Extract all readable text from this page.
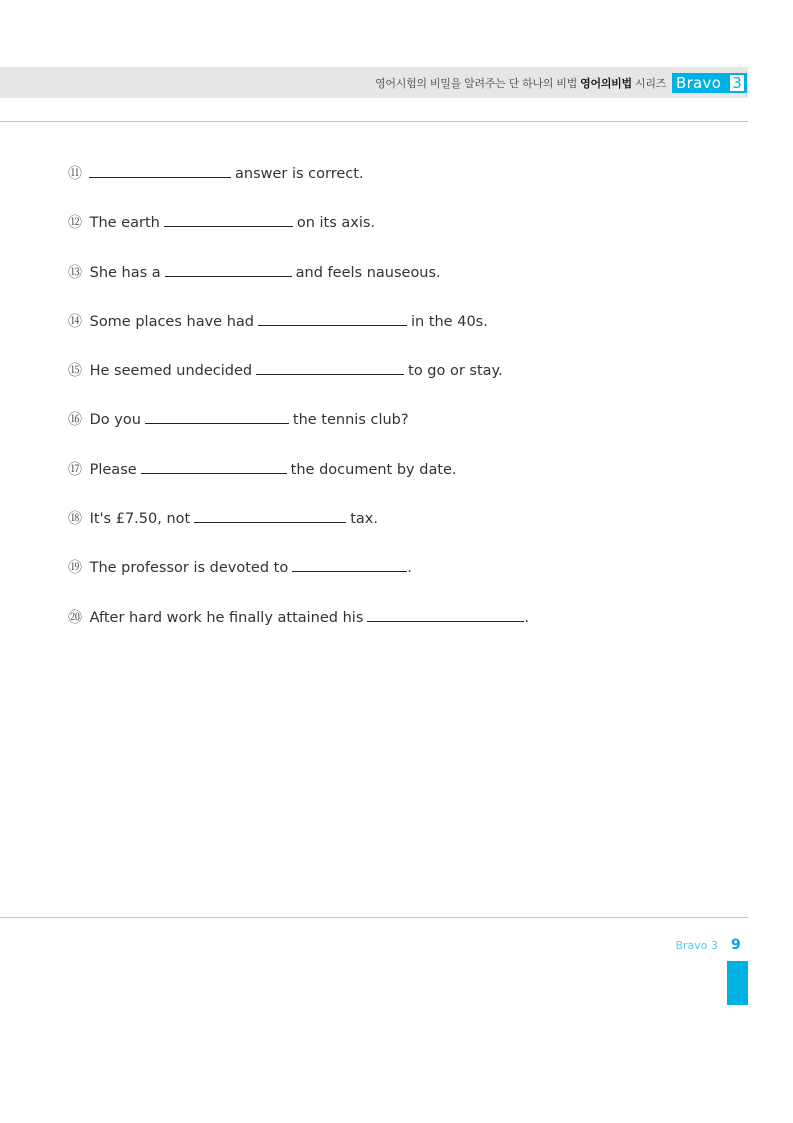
영어시험의 비밀을 알려주는 단 하나의 비법 영어의비법 시리즈 Bravo 3
⑪	answer is correct.
⑫ The earth	on its axis.
⑬ She has a	and feels nauseous.
⑭ Some places have had	in the 40s.
⑮ He seemed undecided	to go or stay.
⑯ Do you	the tennis club?
⑰ Please	the document by date.
⑱ It's £7.50, not	tax.
⑲ The professor is devoted to	.
⑳ After hard work he finally attained his	.
Bravo 3 9
